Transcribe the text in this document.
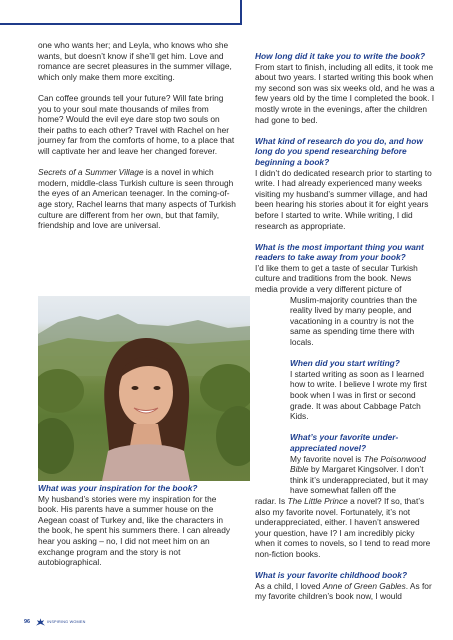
one who wants her; and Leyla, who knows who she wants, but doesn’t know if she’ll get him. Love and romance are secret pleasures in the summer village, which only make them more exciting.

Can coffee grounds tell your future? Will fate bring you to your soul mate thousands of miles from home? Would the evil eye dare stop two souls on their paths to each other? Travel with Rachel on her journey far from the comforts of home, to a place that will captivate her and leave her changed forever.

Secrets of a Summer Village is a novel in which modern, middle-class Turkish culture is seen through the eyes of an American teenager. In the coming-of-age story, Rachel learns that many aspects of Turkish culture are different from her own, but that family, friendship and love are universal.

What was your inspiration for the book?

My husband’s stories were my inspiration for the book. His parents have a summer house on the Aegean coast of Turkey and, like the characters in the book, he spent his summers there. I can already hear you asking – no, I did not meet him on an exchange program and the story is not autobiographical.

How long did it take you to write the book?

From start to finish, including all edits, it took me about two years. I started writing this book when my second son was six weeks old, and he was a few years old by the time I completed the book. I mostly wrote in the evenings, after the children had gone to bed.

What kind of research do you do, and how long do you spend researching before beginning a book?

I didn’t do dedicated research prior to starting to write. I had already experienced many weeks visiting my husband’s summer village, and had been hearing his stories about it for eight years before I started to write. While writing, I did research as appropriate.

What is the most important thing you want readers to take away from your book?

I’d like them to get a taste of secular Turkish culture and traditions from the book. News media provide a very different picture of

Muslim-majority countries than the reality lived by many people, and vacationing in a country is not the same as spending time there with locals.

When did you start writing?

I started writing as soon as I learned how to write. I believe I wrote my first book when I was in first or second grade. It was about Cabbage Patch Kids.

What’s your favorite under-appreciated novel?

My favorite novel is The Poisonwood Bible by Margaret Kingsolver. I don’t think it’s underappreciated, but it may have somewhat fallen off the

radar. Is The Little Prince a novel? If so, that’s also my favorite novel. Fortunately, it’s not underappreciated, either. I haven’t answered your question, have I? I am incredibly picky when it comes to novels, so I tend to read more non-fiction books.

What is your favorite childhood book?

As a child, I loved Anne of Green Gables. As for my favorite children’s book now, I would

96	INSPIRING WOMEN
